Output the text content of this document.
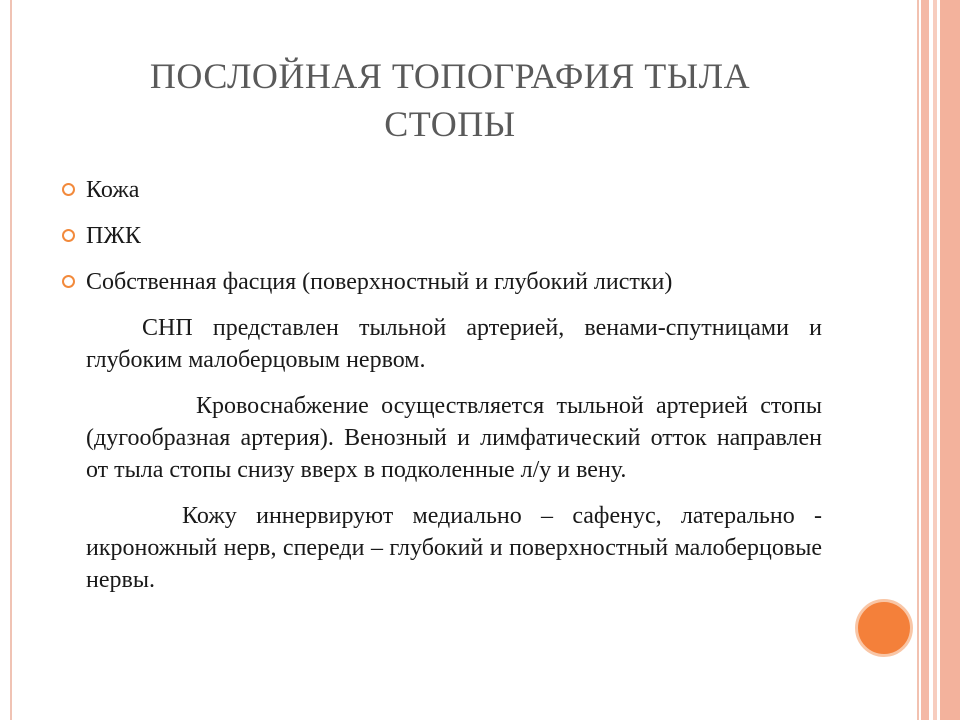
ПОСЛОЙНАЯ ТОПОГРАФИЯ ТЫЛА
СТОПЫ
Кожа
ПЖК
Собственная фасция (поверхностный и глубокий листки)
СНП представлен тыльной артерией, венами-спутницами и глубоким малоберцовым нервом.
Кровоснабжение осуществляется тыльной артерией стопы (дугообразная артерия). Венозный и лимфатический отток направлен от тыла стопы снизу вверх в подколенные л/у и вену.
Кожу иннервируют медиально – сафенус, латерально - икроножный нерв, спереди – глубокий и поверхностный малоберцовые нервы.
